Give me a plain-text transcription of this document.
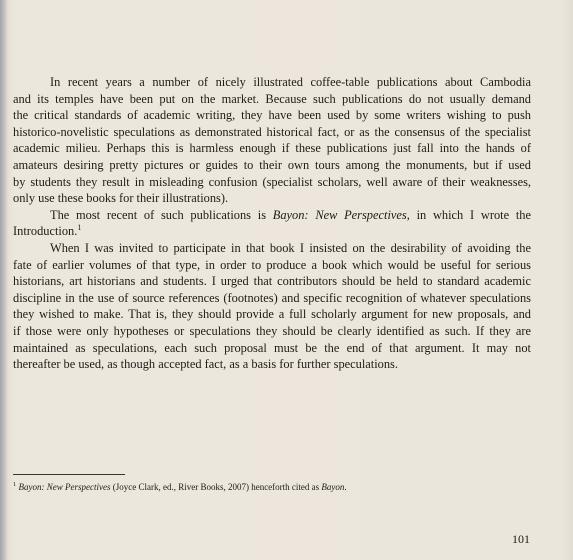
In recent years a number of nicely illustrated coffee-table publications about Cambodia
and its temples have been put on the market. Because such publications do not usually demand
the critical standards of academic writing, they have been used by some writers wishing to push
historico-novelistic speculations as demonstrated historical fact, or as the consensus of the specialist
academic milieu. Perhaps this is harmless enough if these publications just fall into the hands of
amateurs desiring pretty pictures or guides to their own tours among the monuments, but if used
by students they result in misleading confusion (specialist scholars, well aware of their weaknesses,
only use these books for their illustrations).
The most recent of such publications is Bayon: New Perspectives, in which I wrote the
Introduction.$^1$
When I was invited to participate in that book I insisted on the desirability of avoiding the
fate of earlier volumes of that type, in order to produce a book which would be useful for serious
historians, art historians and students. I urged that contributors should be held to standard academic
discipline in the use of source references (footnotes) and specific recognition of whatever speculations
they wished to make. That is, they should provide a full scholarly argument for new proposals, and
if those were only hypotheses or speculations they should be clearly identified as such. If they are
maintained as speculations, each such proposal must be the end of that argument. It may not
thereafter be used, as though accepted fact, as a basis for further speculations.
$^1$ Bayon: New Perspectives (Joyce Clark, ed., River Books, 2007) henceforth cited as Bayon.
101
